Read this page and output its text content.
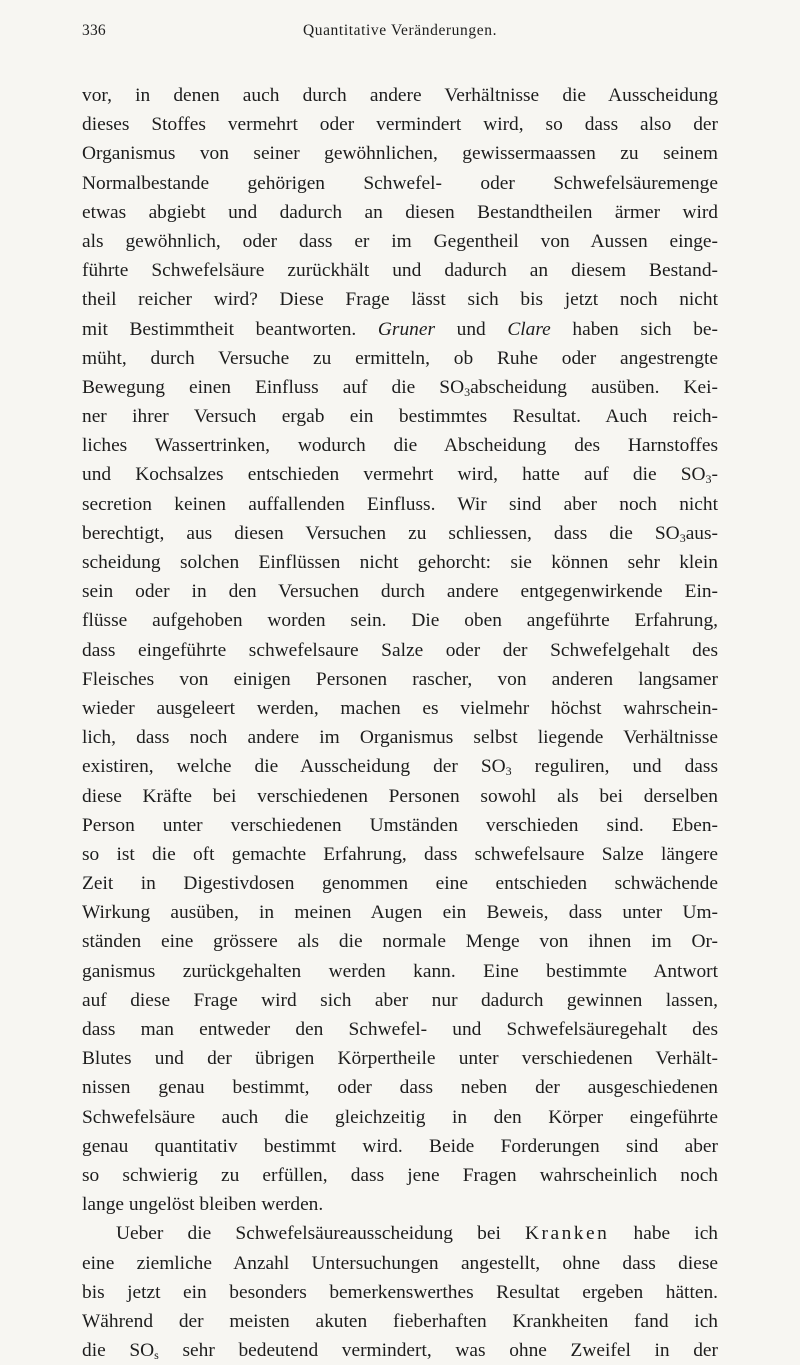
336	Quantitative Veränderungen.
vor, in denen auch durch andere Verhältnisse die Ausscheidung
dieses Stoffes vermehrt oder vermindert wird, so dass also der
Organismus von seiner gewöhnlichen, gewissermaassen zu seinem
Normalbestande gehörigen Schwefel- oder Schwefelsäuremenge
etwas abgiebt und dadurch an diesen Bestandtheilen ärmer wird
als gewöhnlich, oder dass er im Gegentheil von Aussen einge-
führte Schwefelsäure zurückhält und dadurch an diesem Bestand-
theil reicher wird? Diese Frage lässt sich bis jetzt noch nicht
mit Bestimmtheit beantworten. Gruner und Clare haben sich be-
müht, durch Versuche zu ermitteln, ob Ruhe oder angestrengte
Bewegung einen Einfluss auf die $SO_3abscheidung$ ausüben. Kei-
ner ihrer Versuch ergab ein bestimmtes Resultat. Auch reich-
liches Wassertrinken, wodurch die Abscheidung des Harnstoffes
und Kochsalzes entschieden vermehrt wird, hatte auf die $SO_3-$
secretion keinen auffallenden Einfluss. Wir sind aber noch nicht
berechtigt, aus diesen Versuchen zu schliessen, dass die $SO_3aus-$
scheidung solchen Einflüssen nicht gehorcht: sie können sehr klein
sein oder in den Versuchen durch andere entgegenwirkende Ein-
flüsse aufgehoben worden sein. Die oben angeführte Erfahrung,
dass eingeführte schwefelsaure Salze oder der Schwefelgehalt des
Fleisches von einigen Personen rascher, von anderen langsamer
wieder ausgeleert werden, machen es vielmehr höchst wahrschein-
lich, dass noch andere im Organismus selbst liegende Verhältnisse
existiren, welche die Ausscheidung der $SO_3$ reguliren, und dass
diese Kräfte bei verschiedenen Personen sowohl als bei derselben
Person unter verschiedenen Umständen verschieden sind. Eben-
so ist die oft gemachte Erfahrung, dass schwefelsaure Salze längere
Zeit in Digestivdosen genommen eine entschieden schwächende
Wirkung ausüben, in meinen Augen ein Beweis, dass unter Um-
ständen eine grössere als die normale Menge von ihnen im Or-
ganismus zurückgehalten werden kann. Eine bestimmte Antwort
auf diese Frage wird sich aber nur dadurch gewinnen lassen,
dass man entweder den Schwefel- und Schwefelsäuregehalt des
Blutes und der übrigen Körpertheile unter verschiedenen Verhält-
nissen genau bestimmt, oder dass neben der ausgeschiedenen
Schwefelsäure auch die gleichzeitig in den Körper eingeführte
genau quantitativ bestimmt wird. Beide Forderungen sind aber
so schwierig zu erfüllen, dass jene Fragen wahrscheinlich noch
lange ungelöst bleiben werden.
Ueber die Schwefelsäureausscheidung bei Kranken habe ich
eine ziemliche Anzahl Untersuchungen angestellt, ohne dass diese
bis jetzt ein besonders bemerkenswerthes Resultat ergeben hätten.
Während der meisten akuten fieberhaften Krankheiten fand ich
die $SO_s$ sehr bedeutend vermindert, was ohne Zweifel in der
